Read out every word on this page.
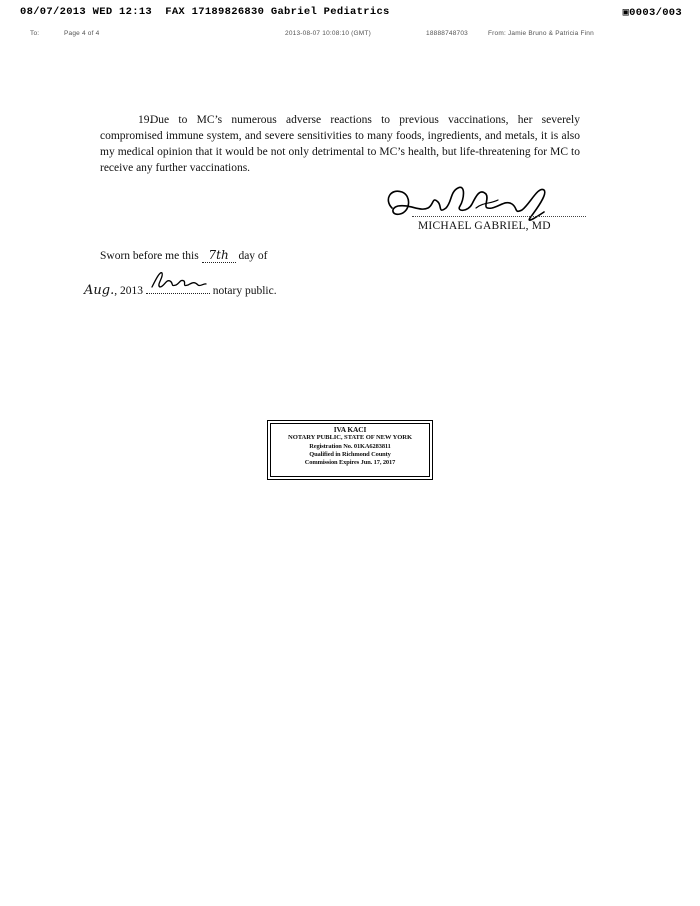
08/07/2013 WED 12:13  FAX 17189826830 Gabriel Pediatrics	▣0003/003
To:	Page 4 of 4	2013-08-07 10:08:10 (GMT)	18888748703	From: Jamie Bruno & Patricia Finn
19.Due to MC’s numerous adverse reactions to previous vaccinations, her severely compromised immune system, and severe sensitivities to many foods, ingredients, and metals, it is also my medical opinion that it would be not only detrimental to MC’s health, but life-threatening for MC to receive any further vaccinations.
MICHAEL GABRIEL, MD
Sworn before me this 7th day of
Aug., 2013	notary public.
IVA KACI
NOTARY PUBLIC, STATE OF NEW YORK
Registration No. 01KA6283811
Qualified in Richmond County
Commission Expires Jun. 17, 2017
